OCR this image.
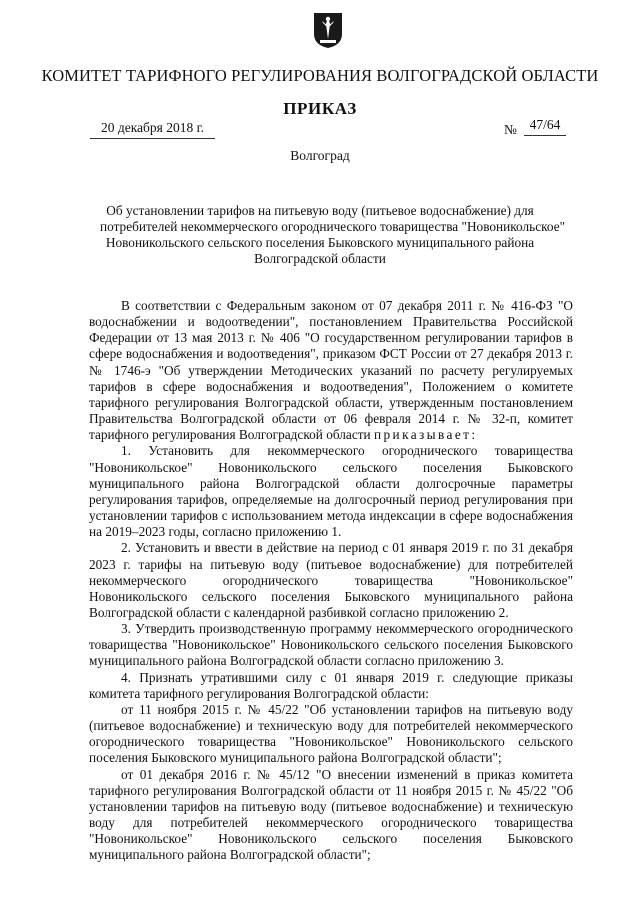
КОМИТЕТ ТАРИФНОГО РЕГУЛИРОВАНИЯ ВОЛГОГРАДСКОЙ ОБЛАСТИ
ПРИКАЗ
20 декабря 2018 г.	№ 47/64
Волгоград
Об установлении тарифов на питьевую воду (питьевое водоснабжение) для
потребителей некоммерческого огороднического товарищества "Новоникольское"
Новоникольского сельского поселения Быковского муниципального района
Волгоградской области

В соответствии с Федеральным законом от 07 декабря 2011 г. № 416-ФЗ "О водоснабжении и водоотведении", постановлением Правительства Российской Федерации от 13 мая 2013 г. № 406 "О государственном регулировании тарифов в сфере водоснабжения и водоотведения", приказом ФСТ России от 27 декабря 2013 г. № 1746-э "Об утверждении Методических указаний по расчету регулируемых тарифов в сфере водоснабжения и водоотведения", Положением о комитете тарифного регулирования Волгоградской области, утвержденным постановлением Правительства Волгоградской области от 06 февраля 2014 г. № 32-п, комитет тарифного регулирования Волгоградской области приказывает:

1. Установить для некоммерческого огороднического товарищества "Новоникольское" Новоникольского сельского поселения Быковского муниципального района Волгоградской области долгосрочные параметры регулирования тарифов, определяемые на долгосрочный период регулирования при установлении тарифов с использованием метода индексации в сфере водоснабжения на 2019–2023 годы, согласно приложению 1.

2. Установить и ввести в действие на период с 01 января 2019 г. по 31 декабря 2023 г. тарифы на питьевую воду (питьевое водоснабжение) для потребителей некоммерческого огороднического товарищества "Новоникольское" Новоникольского сельского поселения Быковского муниципального района Волгоградской области с календарной разбивкой согласно приложению 2.

3. Утвердить производственную программу некоммерческого огороднического товарищества "Новоникольское" Новоникольского сельского поселения Быковского муниципального района Волгоградской области согласно приложению 3.

4. Признать утратившими силу с 01 января 2019 г. следующие приказы комитета тарифного регулирования Волгоградской области:

от 11 ноября 2015 г. № 45/22 "Об установлении тарифов на питьевую воду (питьевое водоснабжение) и техническую воду для потребителей некоммерческого огороднического товарищества "Новоникольское" Новоникольского сельского поселения Быковского муниципального района Волгоградской области";

от 01 декабря 2016 г. № 45/12 "О внесении изменений в приказ комитета тарифного регулирования Волгоградской области от 11 ноября 2015 г. № 45/22 "Об установлении тарифов на питьевую воду (питьевое водоснабжение) и техническую воду для потребителей некоммерческого огороднического товарищества "Новоникольское" Новоникольского сельского поселения Быковского муниципального района Волгоградской области";
